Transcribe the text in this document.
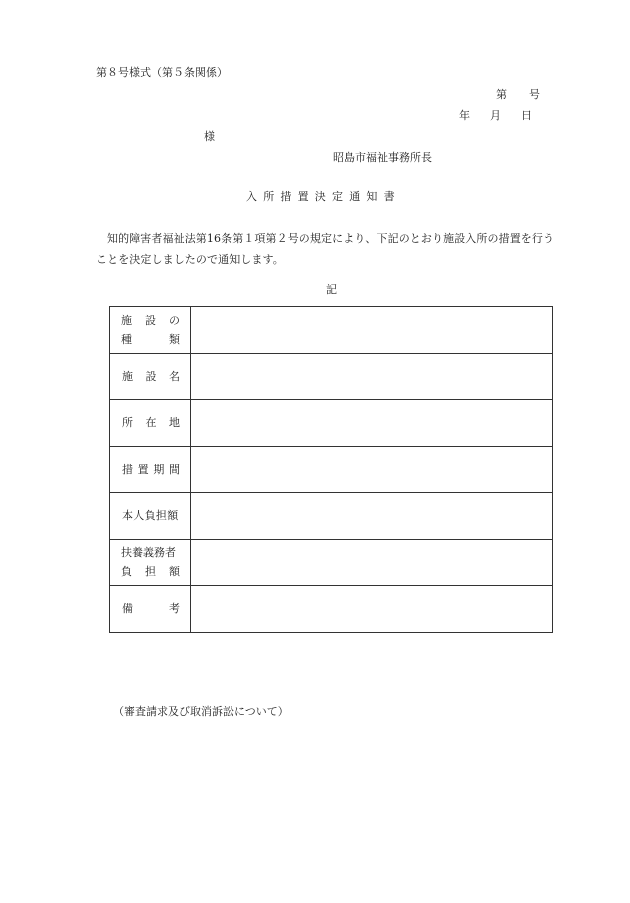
第８号様式（第５条関係）
第 号
年 月 日
様
昭島市福祉事務所長
入所措置決定通知書
知的障害者福祉法第16条第１項第２号の規定により、下記のとおり施設入所の措置を行うことを決定しましたので通知します。
記
施 設 の
種 類	

施 設 名	

所 在 地	

措 置 期 間	

本人負担額	

扶養義務者
負 担 額	

備 考	

（審査請求及び取消訴訟について）
